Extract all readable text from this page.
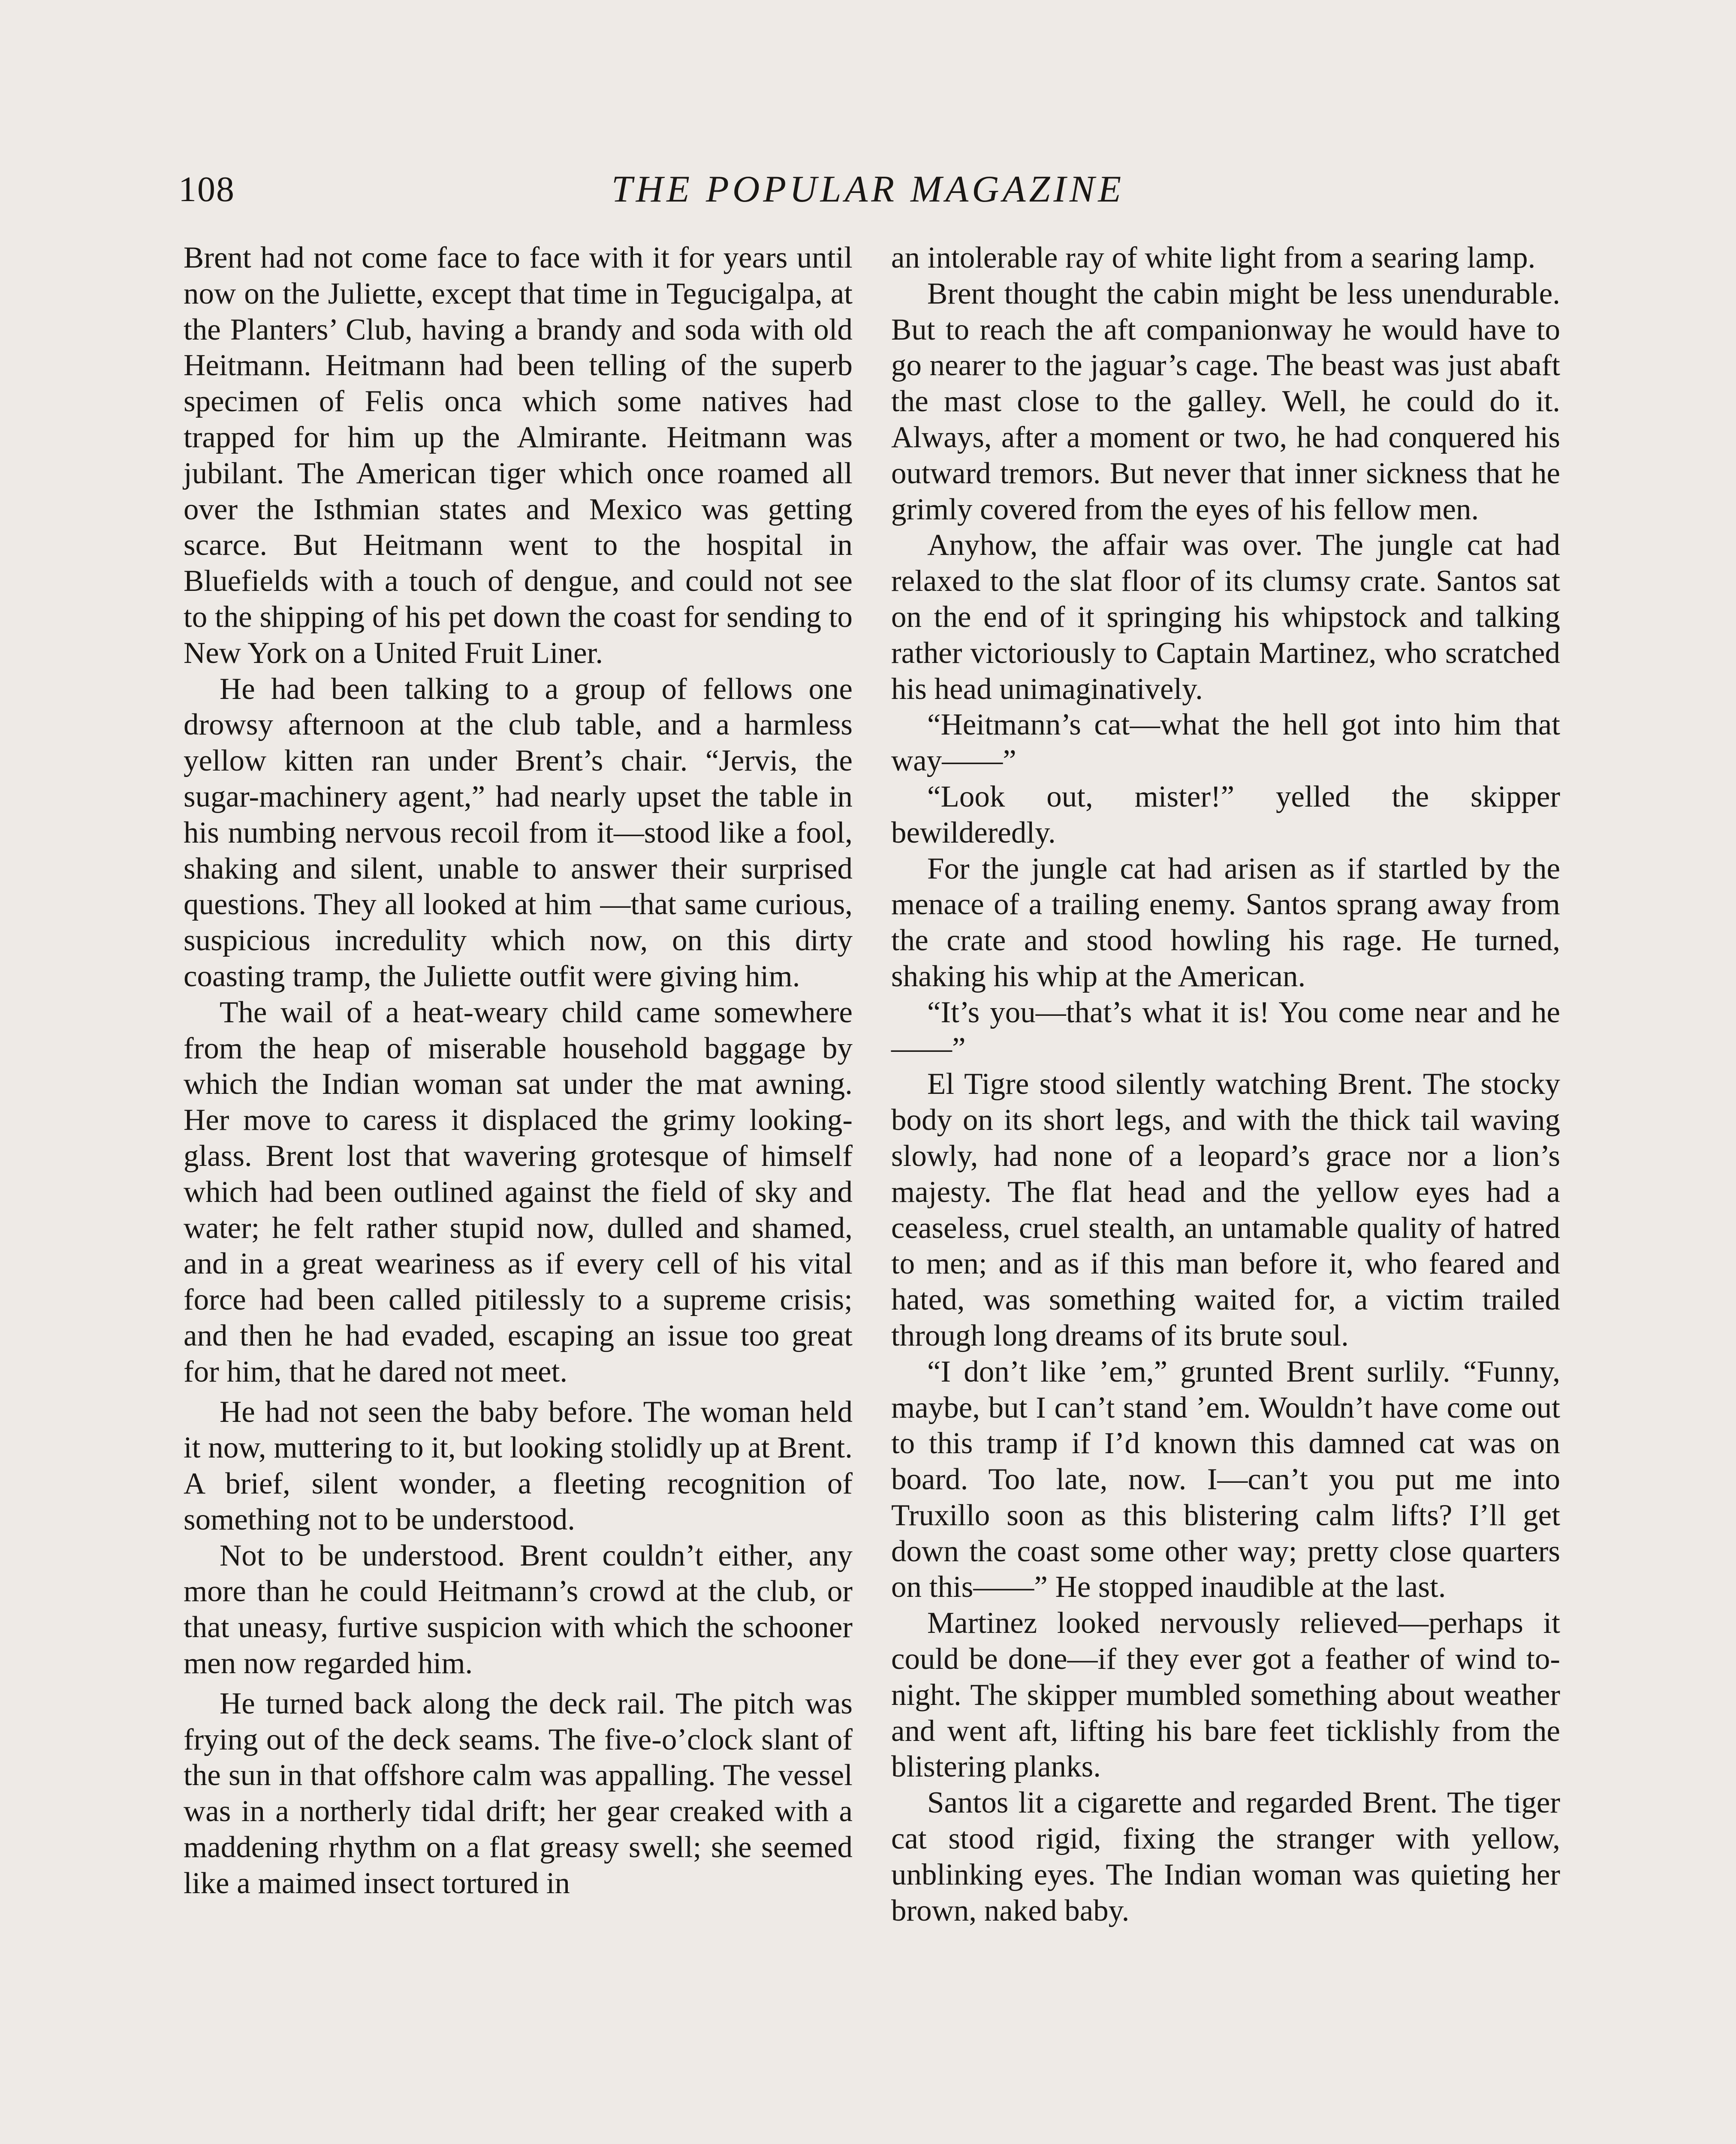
108	THE POPULAR MAGAZINE

Brent had not come face to face with it for years until now on the Juliette, except that time in Tegucigalpa, at the Planters’ Club, having a brandy and soda with old Heitmann. Heitmann had been telling of the superb specimen of Felis onca which some natives had trapped for him up the Almirante. Heitmann was jubilant. The American tiger which once roamed all over the Isthmian states and Mexico was getting scarce. But Heitmann went to the hospital in Bluefields with a touch of dengue, and could not see to the shipping of his pet down the coast for sending to New York on a United Fruit Liner.

He had been talking to a group of fellows one drowsy afternoon at the club table, and a harmless yellow kitten ran under Brent’s chair. “Jervis, the sugar-machinery agent,” had nearly upset the table in his numbing nervous recoil from it—stood like a fool, shaking and silent, unable to answer their surprised questions. They all looked at him —that same curious, suspicious incredulity which now, on this dirty coasting tramp, the Juliette outfit were giving him.

The wail of a heat-weary child came somewhere from the heap of miserable household baggage by which the Indian woman sat under the mat awning. Her move to caress it displaced the grimy looking-glass. Brent lost that wavering grotesque of himself which had been outlined against the field of sky and water; he felt rather stupid now, dulled and shamed, and in a great weariness as if every cell of his vital force had been called pitilessly to a supreme crisis; and then he had evaded, escaping an issue too great for him, that he dared not meet.

He had not seen the baby before. The woman held it now, muttering to it, but looking stolidly up at Brent. A brief, silent wonder, a fleeting recognition of something not to be understood.

Not to be understood. Brent couldn’t either, any more than he could Heitmann’s crowd at the club, or that uneasy, furtive suspicion with which the schooner men now regarded him.

He turned back along the deck rail. The pitch was frying out of the deck seams. The five-o’clock slant of the sun in that offshore calm was appalling. The vessel was in a northerly tidal drift; her gear creaked with a maddening rhythm on a flat greasy swell; she seemed like a maimed insect tortured in

an intolerable ray of white light from a searing lamp.

Brent thought the cabin might be less unendurable. But to reach the aft companionway he would have to go nearer to the jaguar’s cage. The beast was just abaft the mast close to the galley. Well, he could do it. Always, after a moment or two, he had conquered his outward tremors. But never that inner sickness that he grimly covered from the eyes of his fellow men.

Anyhow, the affair was over. The jungle cat had relaxed to the slat floor of its clumsy crate. Santos sat on the end of it springing his whipstock and talking rather victoriously to Captain Martinez, who scratched his head unimaginatively.

“Heitmann’s cat—what the hell got into him that way——”

“Look out, mister!” yelled the skipper bewilderedly.

For the jungle cat had arisen as if startled by the menace of a trailing enemy. Santos sprang away from the crate and stood howling his rage. He turned, shaking his whip at the American.

“It’s you—that’s what it is! You come near and he——”

El Tigre stood silently watching Brent. The stocky body on its short legs, and with the thick tail waving slowly, had none of a leopard’s grace nor a lion’s majesty. The flat head and the yellow eyes had a ceaseless, cruel stealth, an untamable quality of hatred to men; and as if this man before it, who feared and hated, was something waited for, a victim trailed through long dreams of its brute soul.

“I don’t like ’em,” grunted Brent surlily. “Funny, maybe, but I can’t stand ’em. Wouldn’t have come out to this tramp if I’d known this damned cat was on board. Too late, now. I—can’t you put me into Truxillo soon as this blistering calm lifts? I’ll get down the coast some other way; pretty close quarters on this——” He stopped inaudible at the last.

Martinez looked nervously relieved—perhaps it could be done—if they ever got a feather of wind to-night. The skipper mumbled something about weather and went aft, lifting his bare feet ticklishly from the blistering planks.

Santos lit a cigarette and regarded Brent. The tiger cat stood rigid, fixing the stranger with yellow, unblinking eyes. The Indian woman was quieting her brown, naked baby.
